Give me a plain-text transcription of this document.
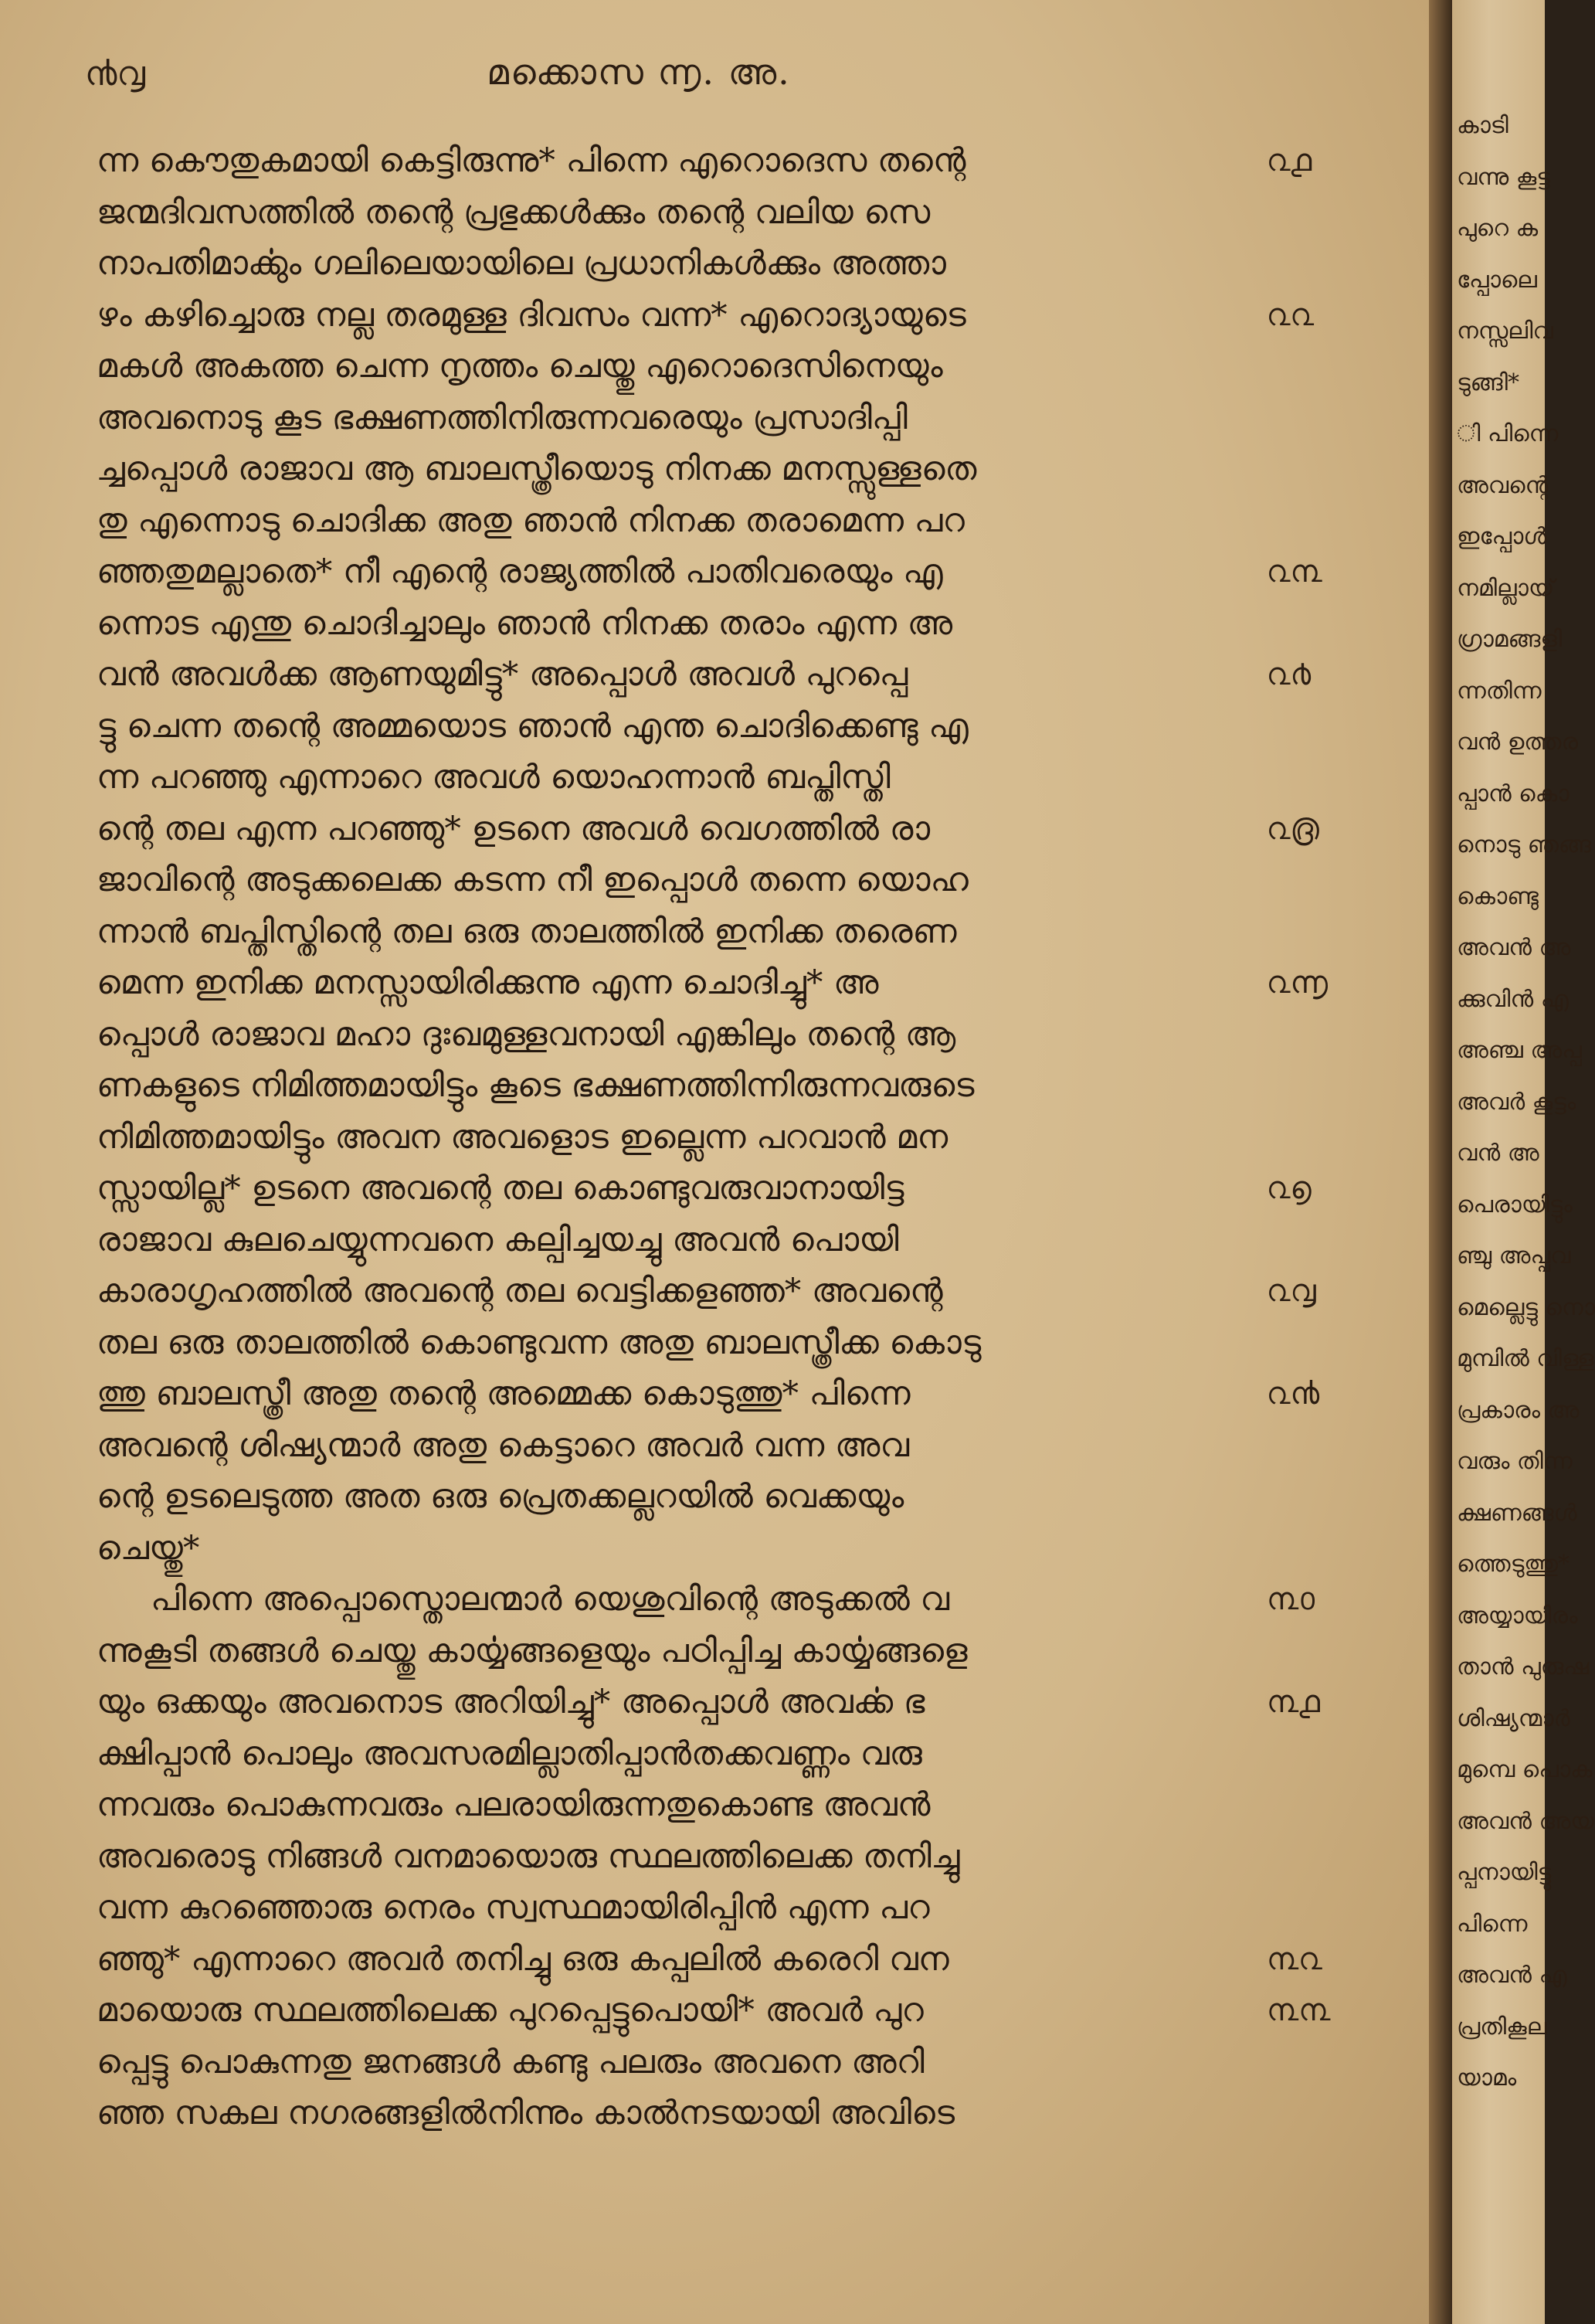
൯൮	മക്കൊസ ൬. അ.
ന്ന കൌതുകമായി കെട്ടിരുന്നു* പിന്നെ എറൊദെസ തന്റെ
ജന്മദിവസത്തിൽ തന്റെ പ്രഭുക്കൾക്കും തന്റെ വലിയ സെ
നാപതിമാൎക്കും ഗലിലെയായിലെ പ്രധാനികൾക്കും അത്താ
ഴം കഴിച്ചൊരു നല്ല തരമുള്ള ദിവസം വന്ന* എറൊദ്യായുടെ
മകൾ അകത്ത ചെന്ന നൃത്തം ചെയ്തു എറൊദെസിനെയും
അവനൊടു കൂട ഭക്ഷണത്തിനിരുന്നവരെയും പ്രസാദിപ്പി
ച്ചപ്പൊൾ രാജാവ ആ ബാലസ്ത്രീയൊടു നിനക്ക മനസ്സുള്ളതെ
തു എന്നൊടു ചൊദിക്ക അതു ഞാൻ നിനക്ക തരാമെന്ന പറ
ഞ്ഞതുമല്ലാതെ* നീ എന്റെ രാജ്യത്തിൽ പാതിവരെയും എ
ന്നൊട എന്തു ചൊദിച്ചാലും ഞാൻ നിനക്ക തരാം എന്ന അ
വൻ അവൾക്ക ആണയുമിട്ടു* അപ്പൊൾ അവൾ പുറപ്പെ
ട്ടു ചെന്ന തന്റെ അമ്മയൊട ഞാൻ എന്ത ചൊദിക്കെണ്ടു എ
ന്ന പറഞ്ഞു എന്നാറെ അവൾ യൊഹന്നാൻ ബപ്തിസ്തി
ന്റെ തല എന്ന പറഞ്ഞു* ഉടനെ അവൾ വെഗത്തിൽ രാ
ജാവിന്റെ അടുക്കലെക്ക കടന്ന നീ ഇപ്പൊൾ തന്നെ യൊഹ
ന്നാൻ ബപ്തിസ്തിന്റെ തല ഒരു താലത്തിൽ ഇനിക്ക തരെണ
മെന്ന ഇനിക്ക മനസ്സായിരിക്കുന്നു എന്ന ചൊദിച്ചു* അ
പ്പൊൾ രാജാവ മഹാ ദുഃഖമുള്ളവനായി എങ്കിലും തന്റെ ആ
ണകളുടെ നിമിത്തമായിട്ടും കൂടെ ഭക്ഷണത്തിന്നിരുന്നവരുടെ
നിമിത്തമായിട്ടും അവന അവളൊട ഇല്ലെന്ന പറവാൻ മന
സ്സായില്ല* ഉടനെ അവന്റെ തല കൊണ്ടുവരുവാനായിട്ട
രാജാവ കുലചെയ്യുന്നവനെ കല്പിച്ചയച്ചു അവൻ പൊയി
കാരാഗൃഹത്തിൽ അവന്റെ തല വെട്ടിക്കളഞ്ഞ* അവന്റെ
തല ഒരു താലത്തിൽ കൊണ്ടുവന്ന അതു ബാലസ്ത്രീക്ക കൊടു
ത്തു ബാലസ്ത്രീ അതു തന്റെ അമ്മെക്ക കൊടുത്തു* പിന്നെ
അവന്റെ ശിഷ്യന്മാർ അതു കെട്ടാറെ അവർ വന്ന അവ
ന്റെ ഉടലെടുത്ത അത ഒരു പ്രെതക്കല്ലറയിൽ വെക്കയും
ചെയ്തു*
പിന്നെ അപ്പൊസ്തൊലന്മാർ യെശുവിന്റെ അടുക്കൽ വ
ന്നുകൂടി തങ്ങൾ ചെയ്തു കാൎയ്യങ്ങളെയും പഠിപ്പിച്ച കാൎയ്യങ്ങളെ
യും ഒക്കയും അവനൊട അറിയിച്ചു* അപ്പൊൾ അവൎക്ക ഭ
ക്ഷിപ്പാൻ പൊലും അവസരമില്ലാതിപ്പാൻതക്കവണ്ണം വരു
ന്നവരും പൊകുന്നവരും പലരായിരുന്നതുകൊണ്ട അവൻ
അവരൊടു നിങ്ങൾ വനമായൊരു സ്ഥലത്തിലെക്ക തനിച്ചു
വന്ന കുറഞ്ഞൊരു നെരം സ്വസ്ഥമായിരിപ്പിൻ എന്ന പറ
ഞ്ഞു* എന്നാറെ അവർ തനിച്ചു ഒരു കപ്പലിൽ കരെറി വന
മായൊരു സ്ഥലത്തിലെക്ക പുറപ്പെട്ടുപൊയി* അവർ പുറ
പ്പെട്ടു പൊകുന്നതു ജനങ്ങൾ കണ്ടു പലരും അവനെ അറി
ഞ്ഞ സകല നഗരങ്ങളിൽനിന്നും കാൽനടയായി അവിടെ
൨൧
൨൨
൨൩
൨൪
൨൫
൨൬
൨൭
൨൮
൨൯
൩൦
൩൧
൩൨
൩൩
കാടി
വന്നു കൂട്ട
പുറെ ക
പ്പോലെ
നസ്സലിവ
ടുങ്ങി*
ി പിന്നെ
അവന്റെ
ഇപ്പോൾ
നമില്ലായ്
ഗ്രാമങ്ങളി
ന്നതിന്ന
വൻ ഉത്തര
പ്പാൻ കൊ
നൊടു ഞങ്ങ
കൊണ്ടു
അവൻ അ
ക്കുവിൻ എ
അഞ്ച അപ്പ
അവർ കൂട്ടം
വൻ അ
പെരായിട്ടും
ഞ്ചു അപ്പവ
മെല്ലെട്ടു നൊ
മുമ്പിൽ വിള്ള
പ്രകാരം അ
വരും തിന്ന
ക്ഷണങ്ങൾ
ത്തെടുത്തു*
അയ്യായിരം
താൻ പുരുഷ
ശിഷ്യന്മാർ
മുമ്പെ പൊക
അവൻ അയ
പ്പനായിട്ടു
പിന്നെ
അവൻ എ
പ്രതികൂല
യാമം
